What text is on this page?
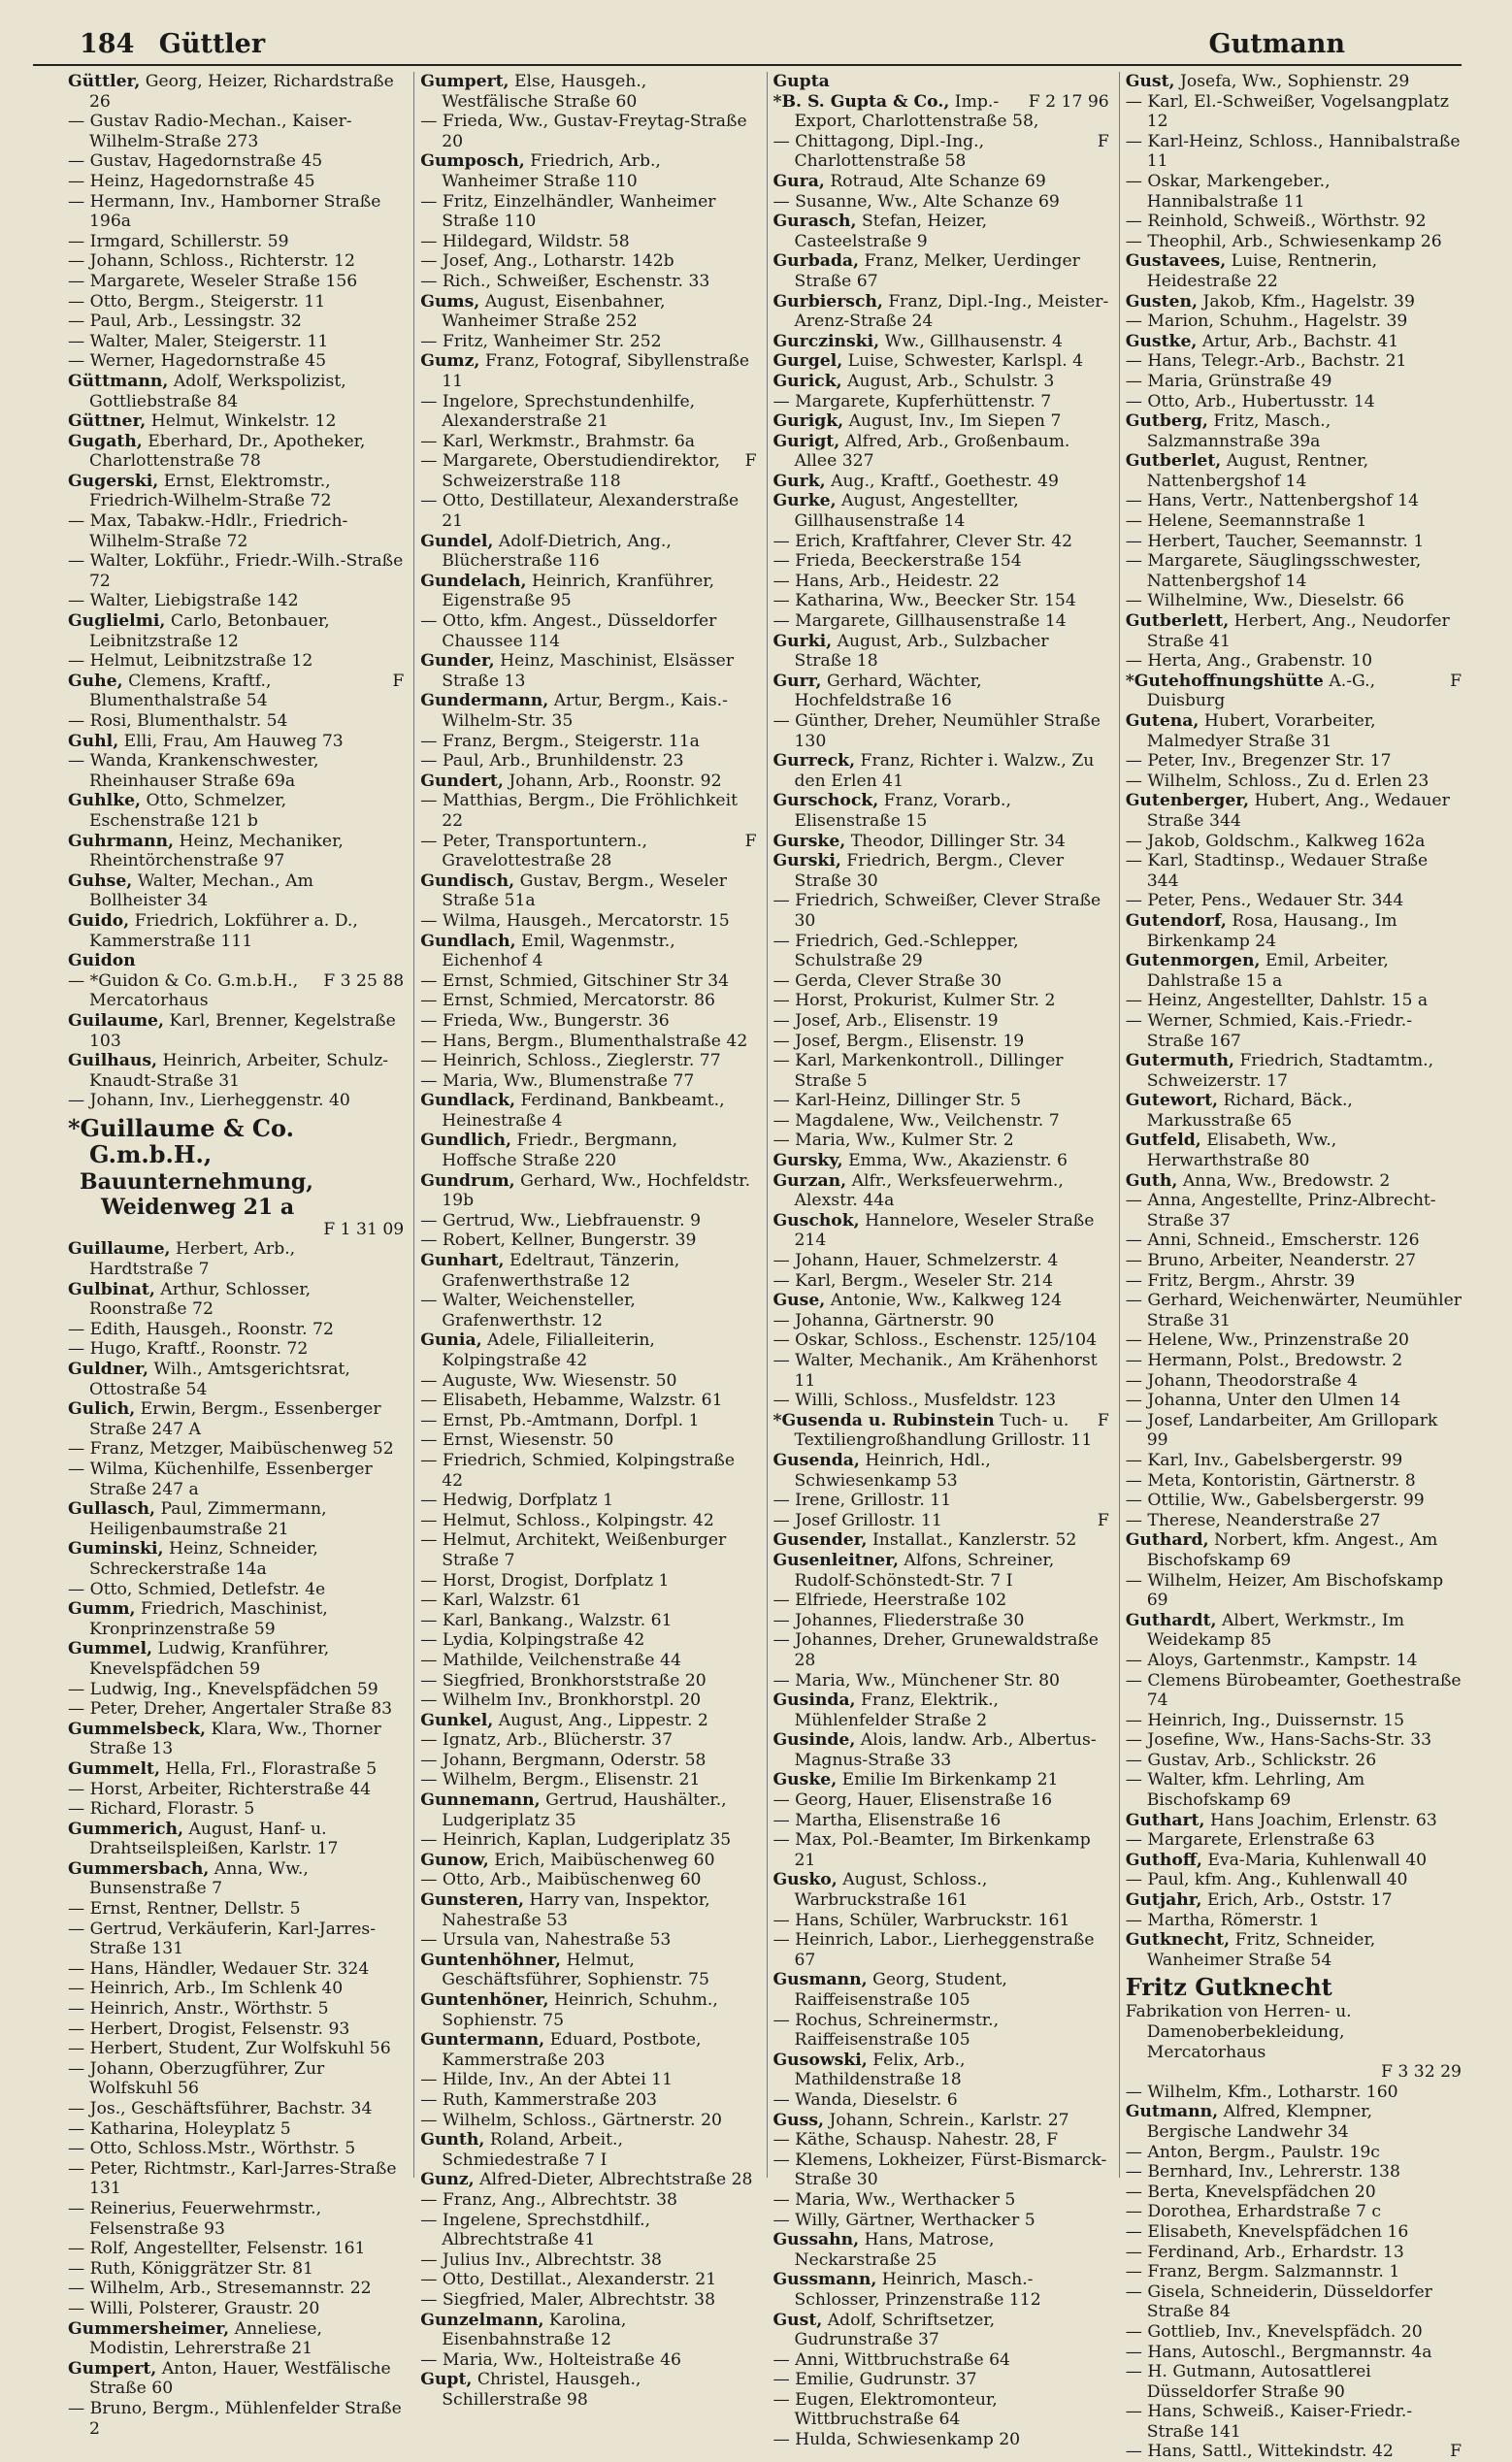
184 Güttler	Gutmann
Güttler, Georg, Heizer, Richardstraße 26
— Gustav Radio-Mechan., Kaiser-Wilhelm-Straße 273
— Gustav, Hagedornstraße 45
— Heinz, Hagedornstraße 45
— Hermann, Inv., Hamborner Straße 196a
— Irmgard, Schillerstr. 59
— Johann, Schloss., Richterstr. 12
— Margarete, Weseler Straße 156
— Otto, Bergm., Steigerstr. 11
— Paul, Arb., Lessingstr. 32
— Walter, Maler, Steigerstr. 11
— Werner, Hagedornstraße 45
Güttmann, Adolf, Werkspolizist, Gottliebstraße 84
Güttner, Helmut, Winkelstr. 12
Gugath, Eberhard, Dr., Apotheker, Charlottenstraße 78
Gugerski, Ernst, Elektromstr., Friedrich-Wilhelm-Straße 72
— Max, Tabakw.-Hdlr., Friedrich-Wilhelm-Straße 72
— Walter, Lokführ., Friedr.-Wilh.-Straße 72
— Walter, Liebigstraße 142
Guglielmi, Carlo, Betonbauer, Leibnitzstraße 12
— Helmut, Leibnitzstraße 12
F
Guhe, Clemens, Kraftf., Blumenthalstraße 54
— Rosi, Blumenthalstr. 54
Guhl, Elli, Frau, Am Hauweg 73
— Wanda, Krankenschwester, Rheinhauser Straße 69a
Guhlke, Otto, Schmelzer, Eschenstraße 121 b
Guhrmann, Heinz, Mechaniker, Rheintörchenstraße 97
Guhse, Walter, Mechan., Am Bollheister 34
Guido, Friedrich, Lokführer a. D., Kammerstraße 111
Guidon
F 3 25 88
— *Guidon & Co. G.m.b.H., Mercatorhaus
Guilaume, Karl, Brenner, Kegelstraße 103
Guilhaus, Heinrich, Arbeiter, Schulz-Knaudt-Straße 31
— Johann, Inv., Lierheggenstr. 40
*Guillaume & Co. G.m.b.H.,
Bauunternehmung, Weidenweg 21 a
F 1 31 09
Guillaume, Herbert, Arb., Hardtstraße 7
Gulbinat, Arthur, Schlosser, Roonstraße 72
— Edith, Hausgeh., Roonstr. 72
— Hugo, Kraftf., Roonstr. 72
Guldner, Wilh., Amtsgerichtsrat, Ottostraße 54
Gulich, Erwin, Bergm., Essenberger Straße 247 A
— Franz, Metzger, Maibüschenweg 52
— Wilma, Küchenhilfe, Essenberger Straße 247 a
Gullasch, Paul, Zimmermann, Heiligenbaumstraße 21
Guminski, Heinz, Schneider, Schreckerstraße 14a
— Otto, Schmied, Detlefstr. 4e
Gumm, Friedrich, Maschinist, Kronprinzenstraße 59
Gummel, Ludwig, Kranführer, Knevelspfädchen 59
— Ludwig, Ing., Knevelspfädchen 59
— Peter, Dreher, Angertaler Straße 83
Gummelsbeck, Klara, Ww., Thorner Straße 13
Gummelt, Hella, Frl., Florastraße 5
— Horst, Arbeiter, Richterstraße 44
— Richard, Florastr. 5
Gummerich, August, Hanf- u. Drahtseilspleißen, Karlstr. 17
Gummersbach, Anna, Ww., Bunsenstraße 7
— Ernst, Rentner, Dellstr. 5
— Gertrud, Verkäuferin, Karl-Jarres-Straße 131
— Hans, Händler, Wedauer Str. 324
— Heinrich, Arb., Im Schlenk 40
— Heinrich, Anstr., Wörthstr. 5
— Herbert, Drogist, Felsenstr. 93
— Herbert, Student, Zur Wolfskuhl 56
— Johann, Oberzugführer, Zur Wolfskuhl 56
— Jos., Geschäftsführer, Bachstr. 34
— Katharina, Holeyplatz 5
— Otto, Schloss.Mstr., Wörthstr. 5
— Peter, Richtmstr., Karl-Jarres-Straße 131
— Reinerius, Feuerwehrmstr., Felsenstraße 93
— Rolf, Angestellter, Felsenstr. 161
— Ruth, Königgrätzer Str. 81
— Wilhelm, Arb., Stresemannstr. 22
— Willi, Polsterer, Graustr. 20
Gummersheimer, Anneliese, Modistin, Lehrerstraße 21
Gumpert, Anton, Hauer, Westfälische Straße 60
— Bruno, Bergm., Mühlenfelder Straße 2
Gumpert, Else, Hausgeh., Westfälische Straße 60
— Frieda, Ww., Gustav-Freytag-Straße 20
Gumposch, Friedrich, Arb., Wanheimer Straße 110
— Fritz, Einzelhändler, Wanheimer Straße 110
— Hildegard, Wildstr. 58
— Josef, Ang., Lotharstr. 142b
— Rich., Schweißer, Eschenstr. 33
Gums, August, Eisenbahner, Wanheimer Straße 252
— Fritz, Wanheimer Str. 252
Gumz, Franz, Fotograf, Sibyllenstraße 11
— Ingelore, Sprechstundenhilfe, Alexanderstraße 21
— Karl, Werkmstr., Brahmstr. 6a
F
— Margarete, Oberstudiendirektor, Schweizerstraße 118
— Otto, Destillateur, Alexanderstraße 21
Gundel, Adolf-Dietrich, Ang., Blücherstraße 116
Gundelach, Heinrich, Kranführer, Eigenstraße 95
— Otto, kfm. Angest., Düsseldorfer Chaussee 114
Gunder, Heinz, Maschinist, Elsässer Straße 13
Gundermann, Artur, Bergm., Kais.-Wilhelm-Str. 35
— Franz, Bergm., Steigerstr. 11a
— Paul, Arb., Brunhildenstr. 23
Gundert, Johann, Arb., Roonstr. 92
— Matthias, Bergm., Die Fröhlichkeit 22
F
— Peter, Transportuntern., Gravelottestraße 28
Gundisch, Gustav, Bergm., Weseler Straße 51a
— Wilma, Hausgeh., Mercatorstr. 15
Gundlach, Emil, Wagenmstr., Eichenhof 4
— Ernst, Schmied, Gitschiner Str 34
— Ernst, Schmied, Mercatorstr. 86
— Frieda, Ww., Bungerstr. 36
— Hans, Bergm., Blumenthalstraße 42
— Heinrich, Schloss., Zieglerstr. 77
— Maria, Ww., Blumenstraße 77
Gundlack, Ferdinand, Bankbeamt., Heinestraße 4
Gundlich, Friedr., Bergmann, Hoffsche Straße 220
Gundrum, Gerhard, Ww., Hochfeldstr. 19b
— Gertrud, Ww., Liebfrauenstr. 9
— Robert, Kellner, Bungerstr. 39
Gunhart, Edeltraut, Tänzerin, Grafenwerthstraße 12
— Walter, Weichensteller, Grafenwerthstr. 12
Gunia, Adele, Filialleiterin, Kolpingstraße 42
— Auguste, Ww. Wiesenstr. 50
— Elisabeth, Hebamme, Walzstr. 61
— Ernst, Pb.-Amtmann, Dorfpl. 1
— Ernst, Wiesenstr. 50
— Friedrich, Schmied, Kolpingstraße 42
— Hedwig, Dorfplatz 1
— Helmut, Schloss., Kolpingstr. 42
— Helmut, Architekt, Weißenburger Straße 7
— Horst, Drogist, Dorfplatz 1
— Karl, Walzstr. 61
— Karl, Bankang., Walzstr. 61
— Lydia, Kolpingstraße 42
— Mathilde, Veilchenstraße 44
— Siegfried, Bronkhorststraße 20
— Wilhelm Inv., Bronkhorstpl. 20
Gunkel, August, Ang., Lippestr. 2
— Ignatz, Arb., Blücherstr. 37
— Johann, Bergmann, Oderstr. 58
— Wilhelm, Bergm., Elisenstr. 21
Gunnemann, Gertrud, Haushälter., Ludgeriplatz 35
— Heinrich, Kaplan, Ludgeriplatz 35
Gunow, Erich, Maibüschenweg 60
— Otto, Arb., Maibüschenweg 60
Gunsteren, Harry van, Inspektor, Nahestraße 53
— Ursula van, Nahestraße 53
Guntenhöhner, Helmut, Geschäftsführer, Sophienstr. 75
Guntenhöner, Heinrich, Schuhm., Sophienstr. 75
Guntermann, Eduard, Postbote, Kammerstraße 203
— Hilde, Inv., An der Abtei 11
— Ruth, Kammerstraße 203
— Wilhelm, Schloss., Gärtnerstr. 20
Gunth, Roland, Arbeit., Schmiedestraße 7 I
Gunz, Alfred-Dieter, Albrechtstraße 28
— Franz, Ang., Albrechtstr. 38
— Ingelene, Sprechstdhilf., Albrechtstraße 41
— Julius Inv., Albrechtstr. 38
— Otto, Destillat., Alexanderstr. 21
— Siegfried, Maler, Albrechtstr. 38
Gunzelmann, Karolina, Eisenbahnstraße 12
— Maria, Ww., Holteistraße 46
Gupt, Christel, Hausgeh., Schillerstraße 98
Gupta
F 2 17 96
*B. S. Gupta & Co., Imp.-Export, Charlottenstraße 58,
F
— Chittagong, Dipl.-Ing., Charlottenstraße 58
Gura, Rotraud, Alte Schanze 69
— Susanne, Ww., Alte Schanze 69
Gurasch, Stefan, Heizer, Casteelstraße 9
Gurbada, Franz, Melker, Uerdinger Straße 67
Gurbiersch, Franz, Dipl.-Ing., Meister-Arenz-Straße 24
Gurczinski, Ww., Gillhausenstr. 4
Gurgel, Luise, Schwester, Karlspl. 4
Gurick, August, Arb., Schulstr. 3
— Margarete, Kupferhüttenstr. 7
Gurigk, August, Inv., Im Siepen 7
Gurigt, Alfred, Arb., Großenbaum. Allee 327
Gurk, Aug., Kraftf., Goethestr. 49
Gurke, August, Angestellter, Gillhausenstraße 14
— Erich, Kraftfahrer, Clever Str. 42
— Frieda, Beeckerstraße 154
— Hans, Arb., Heidestr. 22
— Katharina, Ww., Beecker Str. 154
— Margarete, Gillhausenstraße 14
Gurki, August, Arb., Sulzbacher Straße 18
Gurr, Gerhard, Wächter, Hochfeldstraße 16
— Günther, Dreher, Neumühler Straße 130
Gurreck, Franz, Richter i. Walzw., Zu den Erlen 41
Gurschock, Franz, Vorarb., Elisenstraße 15
Gurske, Theodor, Dillinger Str. 34
Gurski, Friedrich, Bergm., Clever Straße 30
— Friedrich, Schweißer, Clever Straße 30
— Friedrich, Ged.-Schlepper, Schulstraße 29
— Gerda, Clever Straße 30
— Horst, Prokurist, Kulmer Str. 2
— Josef, Arb., Elisenstr. 19
— Josef, Bergm., Elisenstr. 19
— Karl, Markenkontroll., Dillinger Straße 5
— Karl-Heinz, Dillinger Str. 5
— Magdalene, Ww., Veilchenstr. 7
— Maria, Ww., Kulmer Str. 2
Gursky, Emma, Ww., Akazienstr. 6
Gurzan, Alfr., Werksfeuerwehrm., Alexstr. 44a
Guschok, Hannelore, Weseler Straße 214
— Johann, Hauer, Schmelzerstr. 4
— Karl, Bergm., Weseler Str. 214
Guse, Antonie, Ww., Kalkweg 124
— Johanna, Gärtnerstr. 90
— Oskar, Schloss., Eschenstr. 125/104
— Walter, Mechanik., Am Krähenhorst 11
— Willi, Schloss., Musfeldstr. 123
F
*Gusenda u. Rubinstein Tuch- u. Textiliengroßhandlung Grillostr. 11
Gusenda, Heinrich, Hdl., Schwiesenkamp 53
— Irene, Grillostr. 11
F
— Josef Grillostr. 11
Gusender, Installat., Kanzlerstr. 52
Gusenleitner, Alfons, Schreiner, Rudolf-Schönstedt-Str. 7 I
— Elfriede, Heerstraße 102
— Johannes, Fliederstraße 30
— Johannes, Dreher, Grunewaldstraße 28
— Maria, Ww., Münchener Str. 80
Gusinda, Franz, Elektrik., Mühlenfelder Straße 2
Gusinde, Alois, landw. Arb., Albertus-Magnus-Straße 33
Guske, Emilie Im Birkenkamp 21
— Georg, Hauer, Elisenstraße 16
— Martha, Elisenstraße 16
— Max, Pol.-Beamter, Im Birkenkamp 21
Gusko, August, Schloss., Warbruckstraße 161
— Hans, Schüler, Warbruckstr. 161
— Heinrich, Labor., Lierheggenstraße 67
Gusmann, Georg, Student, Raiffeisenstraße 105
— Rochus, Schreinermstr., Raiffeisenstraße 105
Gusowski, Felix, Arb., Mathildenstraße 18
— Wanda, Dieselstr. 6
Guss, Johann, Schrein., Karlstr. 27
— Käthe, Schausp. Nahestr. 28, F
— Klemens, Lokheizer, Fürst-Bismarck-Straße 30
— Maria, Ww., Werthacker 5
— Willy, Gärtner, Werthacker 5
Gussahn, Hans, Matrose, Neckarstraße 25
Gussmann, Heinrich, Masch.-Schlosser, Prinzenstraße 112
Gust, Adolf, Schriftsetzer, Gudrunstraße 37
— Anni, Wittbruchstraße 64
— Emilie, Gudrunstr. 37
— Eugen, Elektromonteur, Wittbruchstraße 64
— Hulda, Schwiesenkamp 20
Gust, Josefa, Ww., Sophienstr. 29
— Karl, El.-Schweißer, Vogelsangplatz 12
— Karl-Heinz, Schloss., Hannibalstraße 11
— Oskar, Markengeber., Hannibalstraße 11
— Reinhold, Schweiß., Wörthstr. 92
— Theophil, Arb., Schwiesenkamp 26
Gustavees, Luise, Rentnerin, Heidestraße 22
Gusten, Jakob, Kfm., Hagelstr. 39
— Marion, Schuhm., Hagelstr. 39
Gustke, Artur, Arb., Bachstr. 41
— Hans, Telegr.-Arb., Bachstr. 21
— Maria, Grünstraße 49
— Otto, Arb., Hubertusstr. 14
Gutberg, Fritz, Masch., Salzmannstraße 39a
Gutberlet, August, Rentner, Nattenbergshof 14
— Hans, Vertr., Nattenbergshof 14
— Helene, Seemannstraße 1
— Herbert, Taucher, Seemannstr. 1
— Margarete, Säuglingsschwester, Nattenbergshof 14
— Wilhelmine, Ww., Dieselstr. 66
Gutberlett, Herbert, Ang., Neudorfer Straße 41
— Herta, Ang., Grabenstr. 10
F
*Gutehoffnungshütte A.-G., Duisburg
Gutena, Hubert, Vorarbeiter, Malmedyer Straße 31
— Peter, Inv., Bregenzer Str. 17
— Wilhelm, Schloss., Zu d. Erlen 23
Gutenberger, Hubert, Ang., Wedauer Straße 344
— Jakob, Goldschm., Kalkweg 162a
— Karl, Stadtinsp., Wedauer Straße 344
— Peter, Pens., Wedauer Str. 344
Gutendorf, Rosa, Hausang., Im Birkenkamp 24
Gutenmorgen, Emil, Arbeiter, Dahlstraße 15 a
— Heinz, Angestellter, Dahlstr. 15 a
— Werner, Schmied, Kais.-Friedr.-Straße 167
Gutermuth, Friedrich, Stadtamtm., Schweizerstr. 17
Gutewort, Richard, Bäck., Markusstraße 65
Gutfeld, Elisabeth, Ww., Herwarthstraße 80
Guth, Anna, Ww., Bredowstr. 2
— Anna, Angestellte, Prinz-Albrecht-Straße 37
— Anni, Schneid., Emscherstr. 126
— Bruno, Arbeiter, Neanderstr. 27
— Fritz, Bergm., Ahrstr. 39
— Gerhard, Weichenwärter, Neumühler Straße 31
— Helene, Ww., Prinzenstraße 20
— Hermann, Polst., Bredowstr. 2
— Johann, Theodorstraße 4
— Johanna, Unter den Ulmen 14
— Josef, Landarbeiter, Am Grillopark 99
— Karl, Inv., Gabelsbergerstr. 99
— Meta, Kontoristin, Gärtnerstr. 8
— Ottilie, Ww., Gabelsbergerstr. 99
— Therese, Neanderstraße 27
Guthard, Norbert, kfm. Angest., Am Bischofskamp 69
— Wilhelm, Heizer, Am Bischofskamp 69
Guthardt, Albert, Werkmstr., Im Weidekamp 85
— Aloys, Gartenmstr., Kampstr. 14
— Clemens Bürobeamter, Goethestraße 74
— Heinrich, Ing., Duissernstr. 15
— Josefine, Ww., Hans-Sachs-Str. 33
— Gustav, Arb., Schlickstr. 26
— Walter, kfm. Lehrling, Am Bischofskamp 69
Guthart, Hans Joachim, Erlenstr. 63
— Margarete, Erlenstraße 63
Guthoff, Eva-Maria, Kuhlenwall 40
— Paul, kfm. Ang., Kuhlenwall 40
Gutjahr, Erich, Arb., Oststr. 17
— Martha, Römerstr. 1
Gutknecht, Fritz, Schneider, Wanheimer Straße 54
Fritz Gutknecht
Fabrikation von Herren- u. Damenoberbekleidung, Mercatorhaus
F 3 32 29
— Wilhelm, Kfm., Lotharstr. 160
Gutmann, Alfred, Klempner, Bergische Landwehr 34
— Anton, Bergm., Paulstr. 19c
— Bernhard, Inv., Lehrerstr. 138
— Berta, Knevelspfädchen 20
— Dorothea, Erhardstraße 7 c
— Elisabeth, Knevelspfädchen 16
— Ferdinand, Arb., Erhardstr. 13
— Franz, Bergm. Salzmannstr. 1
— Gisela, Schneiderin, Düsseldorfer Straße 84
— Gottlieb, Inv., Knevelspfädch. 20
— Hans, Autoschl., Bergmannstr. 4a
— H. Gutmann, Autosattlerei Düsseldorfer Straße 90
— Hans, Schweiß., Kaiser-Friedr.-Straße 141
F
— Hans, Sattl., Wittekindstr. 42
